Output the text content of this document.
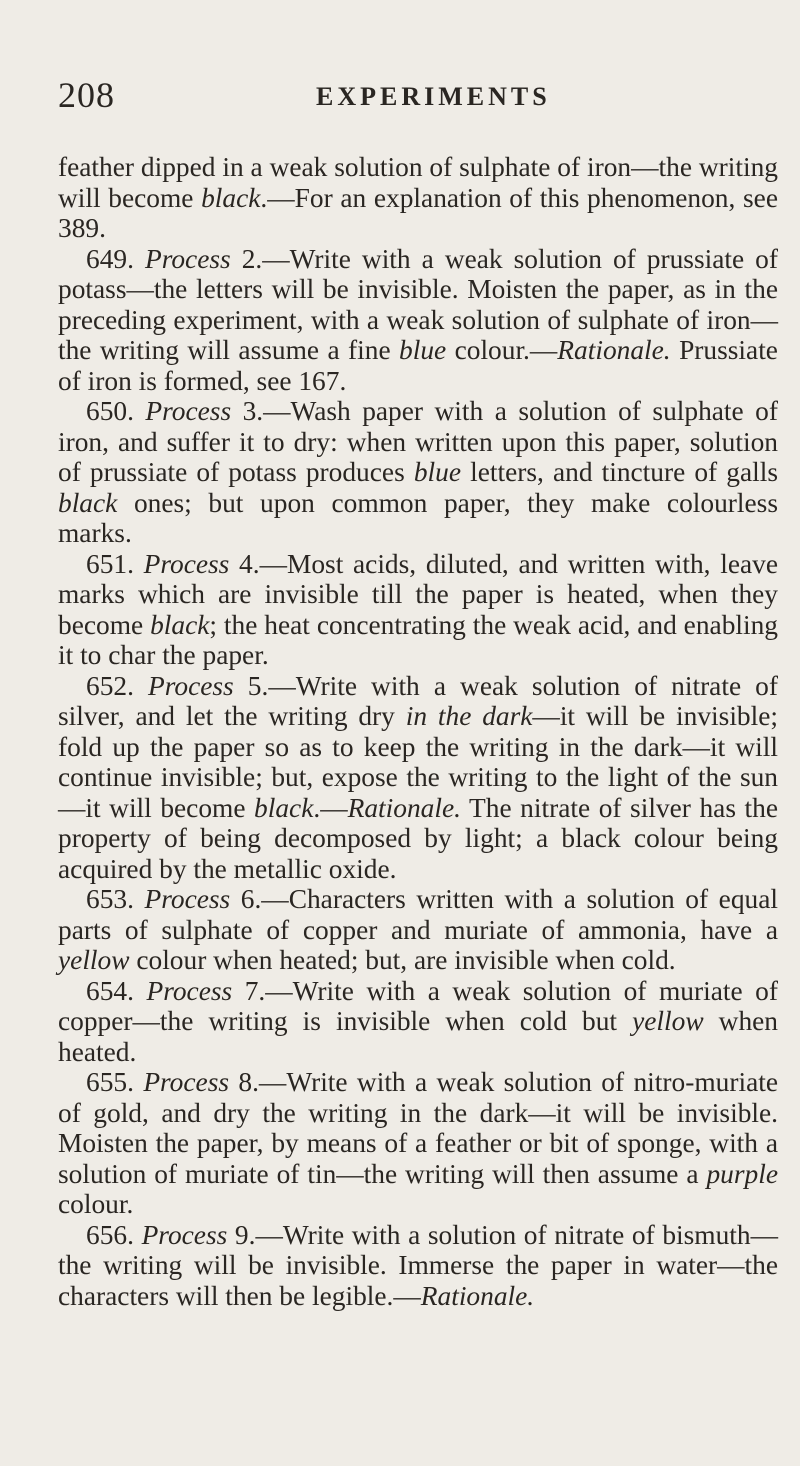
208	EXPERIMENTS

feather dipped in a weak solution of sulphate of iron—the writing will become black.—For an explanation of this phenomenon, see 389.

649. Process 2.—Write with a weak solution of prussiate of potass—the letters will be invisible. Moisten the paper, as in the preceding experiment, with a weak solution of sulphate of iron—the writing will assume a fine blue colour.—Rationale. Prussiate of iron is formed, see 167.

650. Process 3.—Wash paper with a solution of sulphate of iron, and suffer it to dry: when written upon this paper, solution of prussiate of potass produces blue letters, and tincture of galls black ones; but upon common paper, they make colourless marks.

651. Process 4.—Most acids, diluted, and written with, leave marks which are invisible till the paper is heated, when they become black; the heat concentrating the weak acid, and enabling it to char the paper.

652. Process 5.—Write with a weak solution of nitrate of silver, and let the writing dry in the dark—it will be invisible; fold up the paper so as to keep the writing in the dark—it will continue invisible; but, expose the writing to the light of the sun—it will become black.—Rationale. The nitrate of silver has the property of being decomposed by light; a black colour being acquired by the metallic oxide.

653. Process 6.—Characters written with a solution of equal parts of sulphate of copper and muriate of ammonia, have a yellow colour when heated; but, are invisible when cold.

654. Process 7.—Write with a weak solution of muriate of copper—the writing is invisible when cold but yellow when heated.

655. Process 8.—Write with a weak solution of nitro-muriate of gold, and dry the writing in the dark—it will be invisible. Moisten the paper, by means of a feather or bit of sponge, with a solution of muriate of tin—the writing will then assume a purple colour.

656. Process 9.—Write with a solution of nitrate of bismuth—the writing will be invisible. Immerse the paper in water—the characters will then be legible.—Rationale.
